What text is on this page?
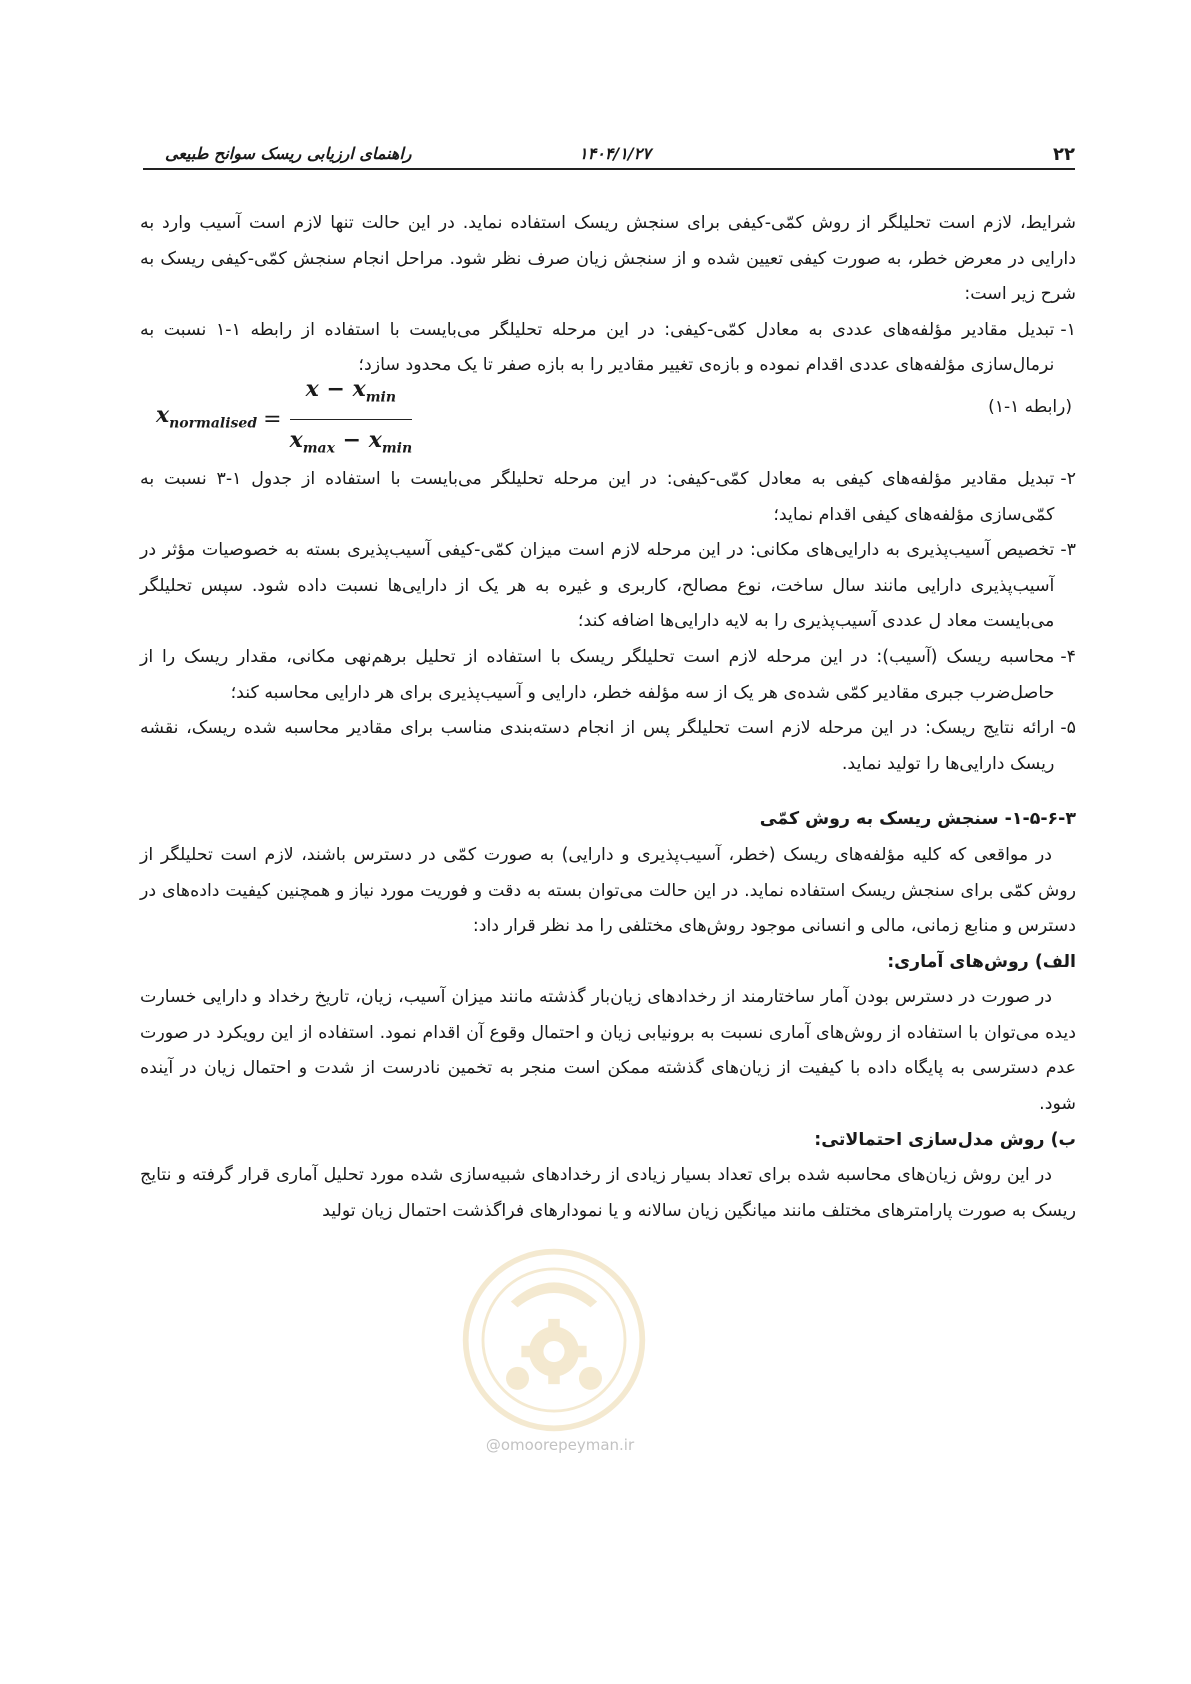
۲۲
۱۴۰۴/۱/۲۷
راهنمای ارزیابی ریسک سوانح طبیعی

شرایط، لازم است تحلیلگر از روش کمّی-کیفی برای سنجش ریسک استفاده نماید. در این حالت تنها لازم است آسیب وارد به دارایی در معرض خطر، به صورت کیفی تعیین شده و از سنجش زیان صرف نظر شود. مراحل انجام سنجش کمّی-کیفی ریسک به شرح زیر است:

۱-
تبدیل مقادیر مؤلفه‌های عددی به معادل کمّی-کیفی: در این مرحله تحلیلگر می‌بایست با استفاده از رابطه ۱-۱ نسبت به نرمال‌سازی مؤلفه‌های عددی اقدام نموده و بازه‌ی تغییر مقادیر را به بازه صفر تا یک محدود سازد؛
$x_{normalised} = \frac{x - x_{min}}{x_{max} - x_{min}}$	(رابطه ۱-۱)
۲-
تبدیل مقادیر مؤلفه‌های کیفی به معادل کمّی-کیفی: در این مرحله تحلیلگر می‌بایست با استفاده از جدول ۱-۳ نسبت به کمّی‌سازی مؤلفه‌های کیفی اقدام نماید؛
۳-
تخصیص آسیب‌پذیری به دارایی‌های مکانی: در این مرحله لازم است میزان کمّی-کیفی آسیب‌پذیری بسته به خصوصیات مؤثر در آسیب‌پذیری دارایی مانند سال ساخت، نوع مصالح، کاربری و غیره به هر یک از دارایی‌ها نسبت داده شود. سپس تحلیلگر می‌بایست معاد ل عددی آسیب‌پذیری را به لایه دارایی‌ها اضافه کند؛
۴-
محاسبه ریسک (آسیب): در این مرحله لازم است تحلیلگر ریسک با استفاده از تحلیل برهم‌نهی مکانی، مقدار ریسک را از حاصل‌ضرب جبری مقادیر کمّی شده‌ی هر یک از سه مؤلفه خطر، دارایی و آسیب‌پذیری برای هر دارایی محاسبه کند؛
۵-
ارائه نتایج ریسک: در این مرحله لازم است تحلیلگر پس از انجام دسته‌بندی مناسب برای مقادیر محاسبه شده ریسک، نقشه ریسک دارایی‌ها را تولید نماید.

۱-۵-۶-۳- سنجش ریسک به روش کمّی

در مواقعی که کلیه مؤلفه‌های ریسک (خطر، آسیب‌پذیری و دارایی) به صورت کمّی در دسترس باشند، لازم است تحلیلگر از روش کمّی برای سنجش ریسک استفاده نماید. در این حالت می‌توان بسته به دقت و فوریت مورد نیاز و همچنین کیفیت داده‌های در دسترس و منابع زمانی، مالی و انسانی موجود روش‌های مختلفی را مد نظر قرار داد:

الف) روش‌های آماری:

در صورت در دسترس بودن آمار ساختارمند از رخدادهای زیان‌بار گذشته مانند میزان آسیب، زیان، تاریخ رخداد و دارایی خسارت دیده می‌توان با استفاده از روش‌های آماری نسبت به برونیابی زیان و احتمال وقوع آن اقدام نمود. استفاده از این رویکرد در صورت عدم دسترسی به پایگاه داده با کیفیت از زیان‌های گذشته ممکن است منجر به تخمین نادرست از شدت و احتمال زیان در آینده شود.

ب) روش مدل‌سازی احتمالاتی:

در این روش زیان‌های محاسبه شده برای تعداد بسیار زیادی از رخدادهای شبیه‌سازی شده مورد تحلیل آماری قرار گرفته و نتایج ریسک به صورت پارامترهای مختلف مانند میانگین زیان سالانه و یا نمودارهای فراگذشت احتمال زیان تولید

@omoorepeyman.ir
